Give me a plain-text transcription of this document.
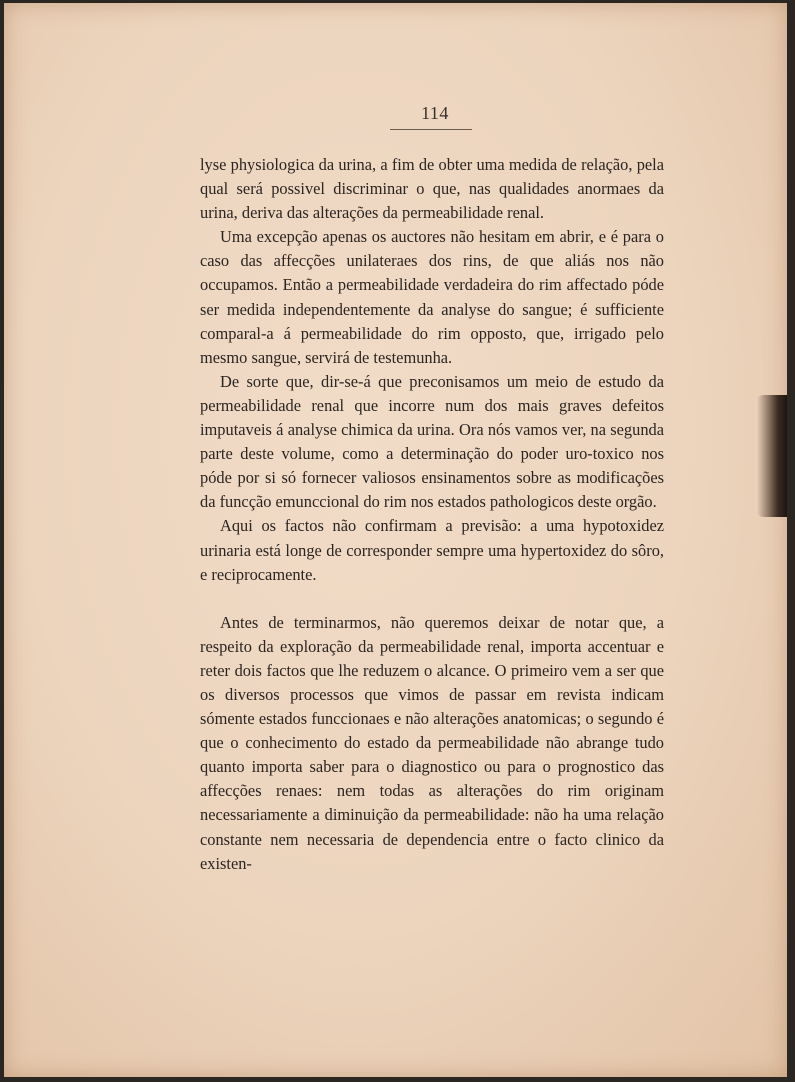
114

lyse physiologica da urina, a fim de obter uma medida de relação, pela qual será possivel discriminar o que, nas qualidades anormaes da urina, deriva das alterações da permeabilidade renal.

Uma excepção apenas os auctores não hesitam em abrir, e é para o caso das affecções unilateraes dos rins, de que aliás nos não occupamos. Então a permeabilidade verdadeira do rim affectado póde ser medida independentemente da analyse do sangue; é sufficiente comparal-a á permeabilidade do rim opposto, que, irrigado pelo mesmo sangue, servirá de testemunha.

De sorte que, dir-se-á que preconisamos um meio de estudo da permeabilidade renal que incorre num dos mais graves defeitos imputaveis á analyse chimica da urina. Ora nós vamos ver, na segunda parte deste volume, como a determinação do poder uro-toxico nos póde por si só fornecer valiosos ensinamentos sobre as modificações da funcção emunccional do rim nos estados pathologicos deste orgão.

Aqui os factos não confirmam a previsão: a uma hypotoxidez urinaria está longe de corresponder sempre uma hypertoxidez do sôro, e reciprocamente.

Antes de terminarmos, não queremos deixar de notar que, a respeito da exploração da permeabilidade renal, importa accentuar e reter dois factos que lhe reduzem o alcance. O primeiro vem a ser que os diversos processos que vimos de passar em revista indicam sómente estados funccionaes e não alterações anatomicas; o segundo é que o conhecimento do estado da permeabilidade não abrange tudo quanto importa saber para o diagnostico ou para o prognostico das affecções renaes: nem todas as alterações do rim originam necessariamente a diminuição da permeabilidade: não ha uma relação constante nem necessaria de dependencia entre o facto clinico da existen-
